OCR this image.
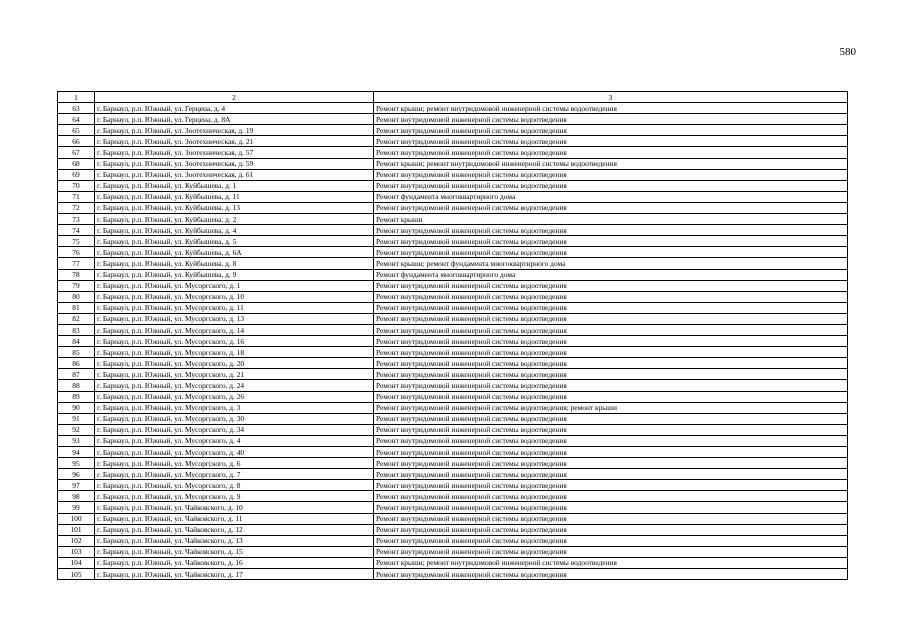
580
1	2	3
63	г. Барнаул, р.п. Южный, ул. Герцена, д. 4	Ремонт крыши; ремонт внутридомовой инженерной системы водоотведения
64	г. Барнаул, р.п. Южный, ул. Герцена, д. 8А	Ремонт внутридомовой инженерной системы водоотведения
65	г. Барнаул, р.п. Южный, ул. Зоотехническая, д. 19	Ремонт внутридомовой инженерной системы водоотведения
66	г. Барнаул, р.п. Южный, ул. Зоотехническая, д. 21	Ремонт внутридомовой инженерной системы водоотведения
67	г. Барнаул, р.п. Южный, ул. Зоотехническая, д. 57	Ремонт внутридомовой инженерной системы водоотведения
68	г. Барнаул, р.п. Южный, ул. Зоотехническая, д. 59	Ремонт крыши; ремонт внутридомовой инженерной системы водоотведения
69	г. Барнаул, р.п. Южный, ул. Зоотехническая, д. 61	Ремонт внутридомовой инженерной системы водоотведения
70	г. Барнаул, р.п. Южный, ул. Куйбышева, д. 1	Ремонт внутридомовой инженерной системы водоотведения
71	г. Барнаул, р.п. Южный, ул. Куйбышева, д. 11	Ремонт фундамента многоквартирного дома
72	г. Барнаул, р.п. Южный, ул. Куйбышева, д. 13	Ремонт внутридомовой инженерной системы водоотведения
73	г. Барнаул, р.п. Южный, ул. Куйбышева, д. 2	Ремонт крыши
74	г. Барнаул, р.п. Южный, ул. Куйбышева, д. 4	Ремонт внутридомовой инженерной системы водоотведения
75	г. Барнаул, р.п. Южный, ул. Куйбышева, д. 5	Ремонт внутридомовой инженерной системы водоотведения
76	г. Барнаул, р.п. Южный, ул. Куйбышева, д. 6А	Ремонт внутридомовой инженерной системы водоотведения
77	г. Барнаул, р.п. Южный, ул. Куйбышева, д. 8	Ремонт крыши; ремонт фундамента многоквартирного дома
78	г. Барнаул, р.п. Южный, ул. Куйбышева, д. 9	Ремонт фундамента многоквартирного дома
79	г. Барнаул, р.п. Южный, ул. Мусоргского, д. 1	Ремонт внутридомовой инженерной системы водоотведения
80	г. Барнаул, р.п. Южный, ул. Мусоргского, д. 10	Ремонт внутридомовой инженерной системы водоотведения
81	г. Барнаул, р.п. Южный, ул. Мусоргского, д. 11	Ремонт внутридомовой инженерной системы водоотведения
82	г. Барнаул, р.п. Южный, ул. Мусоргского, д. 13	Ремонт внутридомовой инженерной системы водоотведения
83	г. Барнаул, р.п. Южный, ул. Мусоргского, д. 14	Ремонт внутридомовой инженерной системы водоотведения
84	г. Барнаул, р.п. Южный, ул. Мусоргского, д. 16	Ремонт внутридомовой инженерной системы водоотведения
85	г. Барнаул, р.п. Южный, ул. Мусоргского, д. 18	Ремонт внутридомовой инженерной системы водоотведения
86	г. Барнаул, р.п. Южный, ул. Мусоргского, д. 20	Ремонт внутридомовой инженерной системы водоотведения
87	г. Барнаул, р.п. Южный, ул. Мусоргского, д. 21	Ремонт внутридомовой инженерной системы водоотведения
88	г. Барнаул, р.п. Южный, ул. Мусоргского, д. 24	Ремонт внутридомовой инженерной системы водоотведения
89	г. Барнаул, р.п. Южный, ул. Мусоргского, д. 26	Ремонт внутридомовой инженерной системы водоотведения
90	г. Барнаул, р.п. Южный, ул. Мусоргского, д. 3	Ремонт внутридомовой инженерной системы водоотведения; ремонт крыши
91	г. Барнаул, р.п. Южный, ул. Мусоргского, д. 30	Ремонт внутридомовой инженерной системы водоотведения
92	г. Барнаул, р.п. Южный, ул. Мусоргского, д. 34	Ремонт внутридомовой инженерной системы водоотведения
93	г. Барнаул, р.п. Южный, ул. Мусоргского, д. 4	Ремонт внутридомовой инженерной системы водоотведения
94	г. Барнаул, р.п. Южный, ул. Мусоргского, д. 40	Ремонт внутридомовой инженерной системы водоотведения
95	г. Барнаул, р.п. Южный, ул. Мусоргского, д. 6	Ремонт внутридомовой инженерной системы водоотведения
96	г. Барнаул, р.п. Южный, ул. Мусоргского, д. 7	Ремонт внутридомовой инженерной системы водоотведения
97	г. Барнаул, р.п. Южный, ул. Мусоргского, д. 8	Ремонт внутридомовой инженерной системы водоотведения
98	г. Барнаул, р.п. Южный, ул. Мусоргского, д. 9	Ремонт внутридомовой инженерной системы водоотведения
99	г. Барнаул, р.п. Южный, ул. Чайковского, д. 10	Ремонт внутридомовой инженерной системы водоотведения
100	г. Барнаул, р.п. Южный, ул. Чайковского, д. 11	Ремонт внутридомовой инженерной системы водоотведения
101	г. Барнаул, р.п. Южный, ул. Чайковского, д. 12	Ремонт внутридомовой инженерной системы водоотведения
102	г. Барнаул, р.п. Южный, ул. Чайковского, д. 13	Ремонт внутридомовой инженерной системы водоотведения
103	г. Барнаул, р.п. Южный, ул. Чайковского, д. 15	Ремонт внутридомовой инженерной системы водоотведения
104	г. Барнаул, р.п. Южный, ул. Чайковского, д. 16	Ремонт крыши; ремонт внутридомовой инженерной системы водоотведения
105	г. Барнаул, р.п. Южный, ул. Чайковского, д. 17	Ремонт внутридомовой инженерной системы водоотведения
